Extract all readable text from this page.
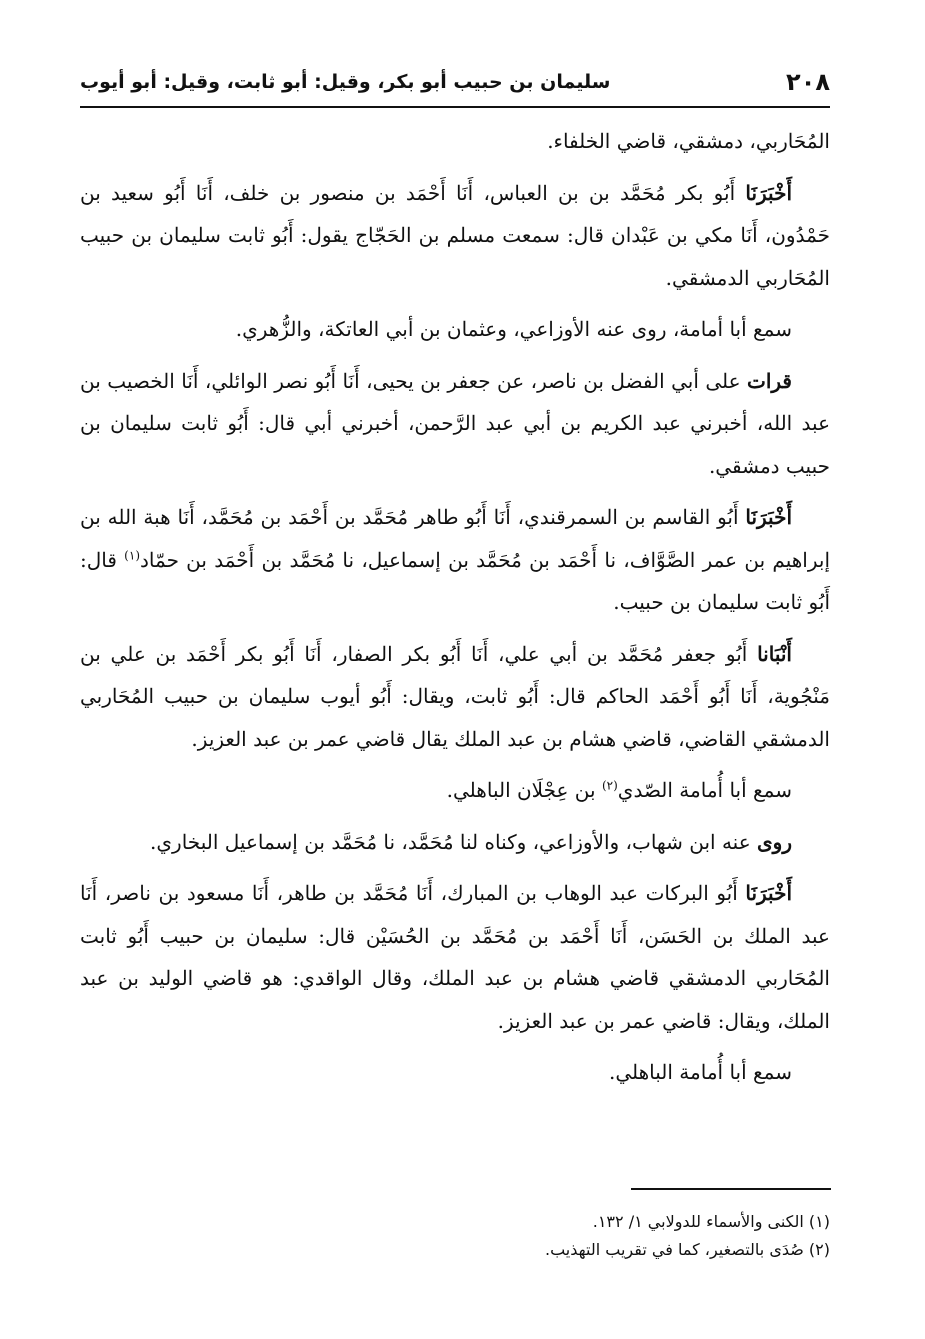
٢٠٨
سليمان بن حبيب أبو بكر، وقيل: أبو ثابت، وقيل: أبو أيوب

المُحَاربي، دمشقي، قاضي الخلفاء.

أَخْبَرَنَا أَبُو بكر مُحَمَّد بن بن العباس، أَنَا أَحْمَد بن منصور بن خلف، أَنَا أَبُو سعيد بن حَمْدُون، أَنَا مكي بن عَبْدان قال: سمعت مسلم بن الحَجّاج يقول: أَبُو ثابت سليمان بن حبيب المُحَاربي الدمشقي.

سمع أبا أمامة، روى عنه الأوزاعي، وعثمان بن أبي العاتكة، والزُّهري.

قرات على أبي الفضل بن ناصر، عن جعفر بن يحيى، أَنَا أَبُو نصر الوائلي، أَنَا الخصيب بن عبد الله، أخبرني عبد الكريم بن أبي عبد الرَّحمن، أخبرني أبي قال: أَبُو ثابت سليمان بن حبيب دمشقي.

أَخْبَرَنَا أَبُو القاسم بن السمرقندي، أَنَا أَبُو طاهر مُحَمَّد بن أَحْمَد بن مُحَمَّد، أَنَا هبة الله بن إبراهيم بن عمر الصَّوَّاف، نا أَحْمَد بن مُحَمَّد بن إسماعيل، نا مُحَمَّد بن أَحْمَد بن حمّاد$^{(١)}$ قال: أَبُو ثابت سليمان بن حبيب.

أَنْبَانا أَبُو جعفر مُحَمَّد بن أبي علي، أَنَا أَبُو بكر الصفار، أَنَا أَبُو بكر أَحْمَد بن علي بن مَنْجُوية، أَنَا أَبُو أَحْمَد الحاكم قال: أَبُو ثابت، ويقال: أَبُو أيوب سليمان بن حبيب المُحَاربي الدمشقي القاضي، قاضي هشام بن عبد الملك يقال قاضي عمر بن عبد العزيز.

سمع أبا أُمامة الصّدي$^{(٢)}$ بن عِجْلَان الباهلي.

روى عنه ابن شهاب، والأوزاعي، وكناه لنا مُحَمَّد، نا مُحَمَّد بن إسماعيل البخاري.

أَخْبَرَنَا أَبُو البركات عبد الوهاب بن المبارك، أَنَا مُحَمَّد بن طاهر، أَنَا مسعود بن ناصر، أَنَا عبد الملك بن الحَسَن، أَنَا أَحْمَد بن مُحَمَّد بن الحُسَيْن قال: سليمان بن حبيب أَبُو ثابت المُحَاربي الدمشقي قاضي هشام بن عبد الملك، وقال الواقدي: هو قاضي الوليد بن عبد الملك، ويقال: قاضي عمر بن عبد العزيز.

سمع أبا أُمامة الباهلي.

(١) الكنى والأسماء للدولابي ١/ ١٣٢.

(٢) صُدَى بالتصغير، كما في تقريب التهذيب.
